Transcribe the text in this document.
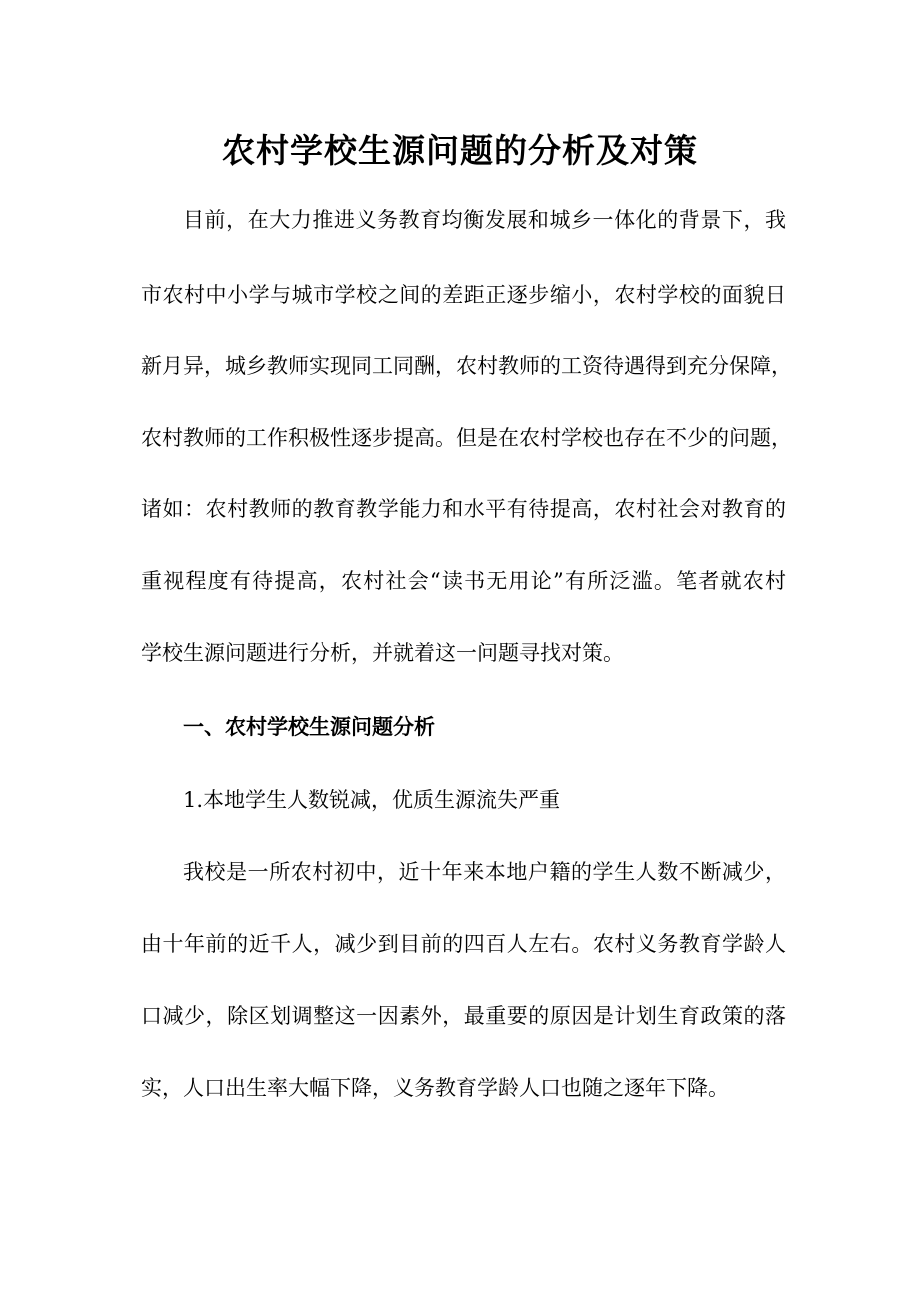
农村学校生源问题的分析及对策
目前，在大力推进义务教育均衡发展和城乡一体化的背景下，我
市农村中小学与城市学校之间的差距正逐步缩小，农村学校的面貌日
新月异，城乡教师实现同工同酬，农村教师的工资待遇得到充分保障，
农村教师的工作积极性逐步提高。但是在农村学校也存在不少的问题，
诸如：农村教师的教育教学能力和水平有待提高，农村社会对教育的
重视程度有待提高，农村社会“读书无用论”有所泛滥。笔者就农村
学校生源问题进行分析，并就着这一问题寻找对策。
一、农村学校生源问题分析
1.本地学生人数锐减，优质生源流失严重
我校是一所农村初中，近十年来本地户籍的学生人数不断减少，
由十年前的近千人，减少到目前的四百人左右。农村义务教育学龄人
口减少，除区划调整这一因素外，最重要的原因是计划生育政策的落
实，人口出生率大幅下降，义务教育学龄人口也随之逐年下降。
